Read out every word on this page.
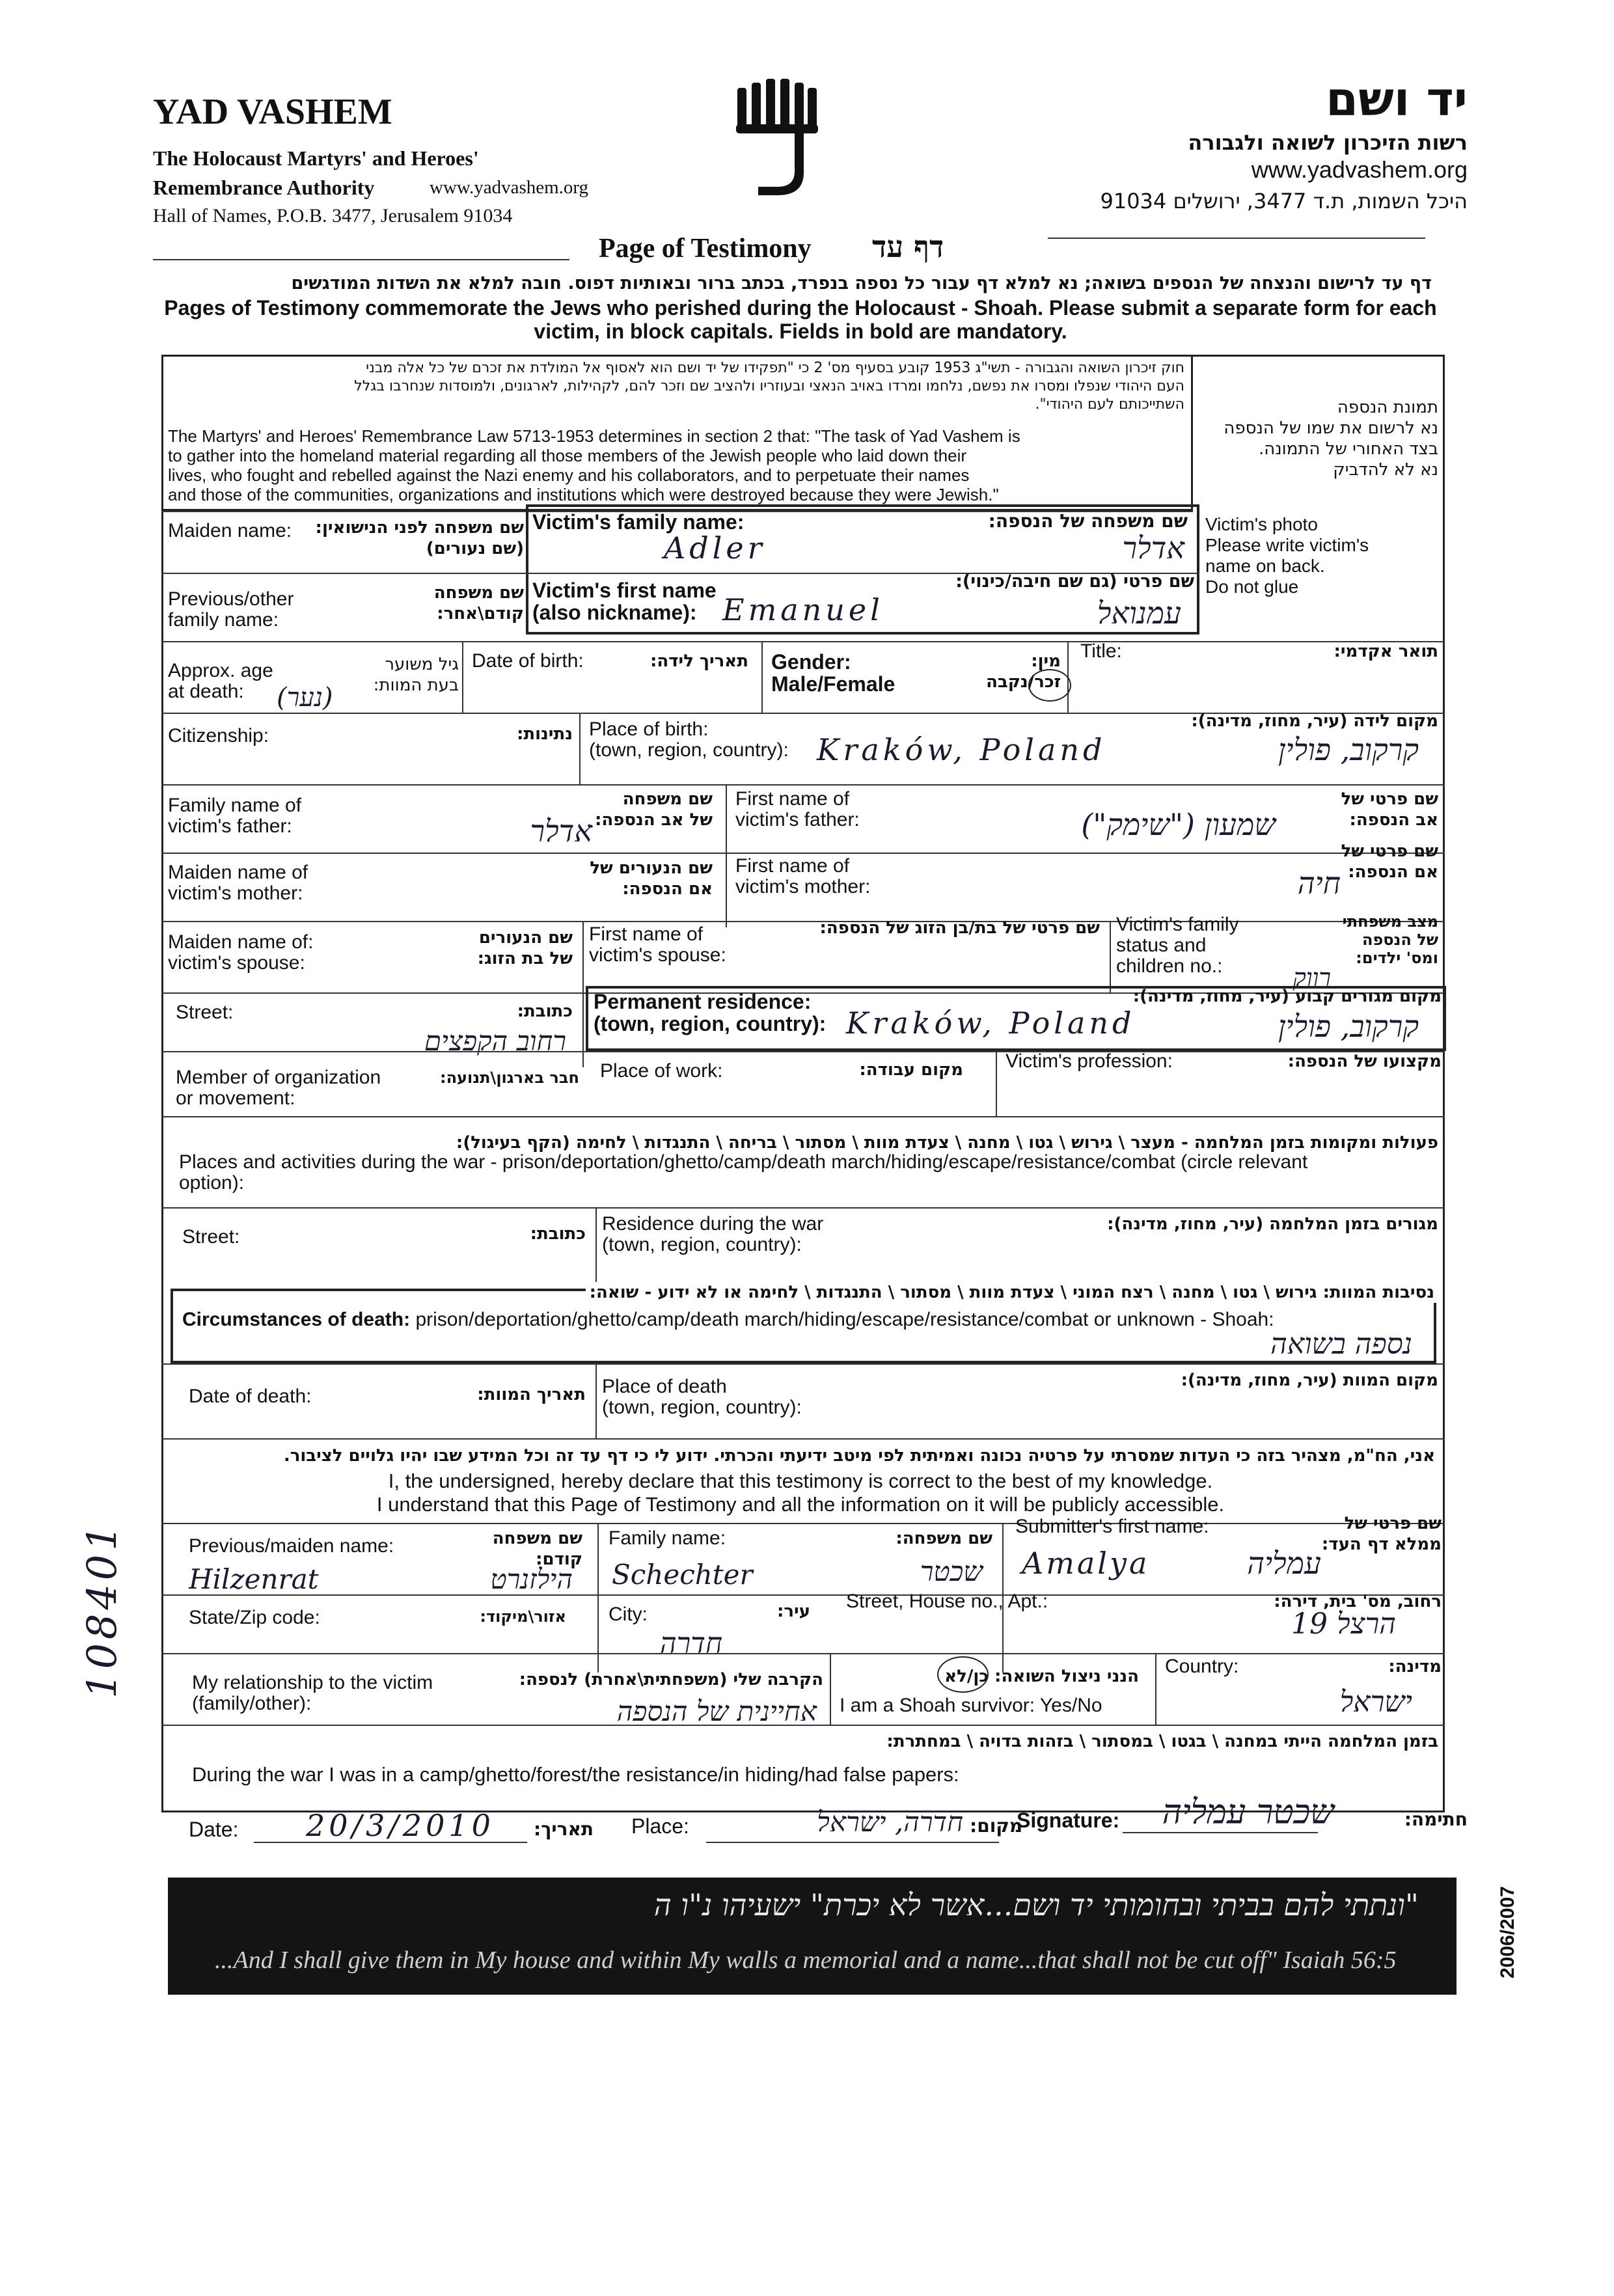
YAD VASHEM
The Holocaust Martyrs' and Heroes'
Remembrance Authority	www.yadvashem.org
Hall of Names, P.O.B. 3477, Jerusalem 91034
יד ושם
רשות הזיכרון לשואה ולגבורה
www.yadvashem.org
היכל השמות, ת.ד 3477, ירושלים 91034
Page of Testimony דף עד
דף עד לרישום והנצחה של הנספים בשואה; נא למלא דף עבור כל נספה בנפרד, בכתב ברור ובאותיות דפוס. חובה למלא את השדות המודגשים
Pages of Testimony commemorate the Jews who perished during the Holocaust - Shoah. Please submit a separate form for each
victim, in block capitals. Fields in bold are mandatory.
חוק זיכרון השואה והגבורה - תשי"ג 1953 קובע בסעיף מס' 2 כי "תפקידו של יד ושם הוא לאסוף אל המולדת את זכרם של כל אלה מבני
העם היהודי שנפלו ומסרו את נפשם, נלחמו ומרדו באויב הנאצי ובעוזריו ולהציב שם וזכר להם, לקהילות, לארגונים, ולמוסדות שנחרבו בגלל
השתייכותם לעם היהודי".
The Martyrs' and Heroes' Remembrance Law 5713-1953 determines in section 2 that: "The task of Yad Vashem is
to gather into the homeland material regarding all those members of the Jewish people who laid down their
lives, who fought and rebelled against the Nazi enemy and his collaborators, and to perpetuate their names
and those of the communities, organizations and institutions which were destroyed because they were Jewish."
תמונת הנספה
נא לרשום את שמו של הנספה
בצד האחורי של התמונה.
נא לא להדביק
Victim's photo
Please write victim's
name on back.
Do not glue
Maiden name: שם משפחה לפני הנישואין:
(שם נעורים)
Victim's family name:	שם משפחה של הנספה:
Adler	אדלר
Previous/other
family name:
שם משפחה
קודם\אחר:
Victim's first name
(also nickname):
שם פרטי (גם שם חיבה/כינוי):
Emanuel	עמנואל
Approx. age
at death:
גיל משוער
בעת המוות:
(נער)
Date of birth:	תאריך לידה: Gender:
Male/Female
מין:
זכר/נקבה
Title:	תואר אקדמי:
Citizenship:	נתינות: Place of birth:
(town, region, country):
מקום לידה (עיר, מחוז, מדינה):
Kraków, Poland	קרקוב, פולין
Family name of
victim's father:
שם משפחה
של אב הנספה:
אדלר
First name of
victim's father:
שם פרטי של
אב הנספה:
שמעון ("שימק")
Maiden name of
victim's mother:
שם הנעורים של
אם הנספה:
First name of
victim's mother:
שם פרטי של
אם הנספה:
חיה
Maiden name of:
victim's spouse:
שם הנעורים
של בת הזוג:
First name of
victim's spouse:
שם פרטי של בת/בן הזוג של הנספה: Victim's family
status and
children no.:
מצב משפחתי
של הנספה
ומס' ילדים:
רווק
Street:	כתובת:
רחוב הקפצים
Permanent residence:
(town, region, country):
מקום מגורים קבוע (עיר, מחוז, מדינה):
Kraków, Poland	קרקוב, פולין
Member of organization
or movement:
חבר בארגון\תנועה: Place of work:	מקום עבודה: Victim's profession:	מקצועו של הנספה:
פעולות ומקומות בזמן המלחמה - מעצר \ גירוש \ גטו \ מחנה \ צעדת מוות \ מסתור \ בריחה \ התנגדות \ לחימה (הקף בעיגול):
Places and activities during the war - prison/deportation/ghetto/camp/death march/hiding/escape/resistance/combat (circle relevant
option):
Street:	כתובת: Residence during the war
(town, region, country):
מגורים בזמן המלחמה (עיר, מחוז, מדינה):
נסיבות המוות: גירוש \ גטו \ מחנה \ רצח המוני \ צעדת מוות \ מסתור \ התנגדות \ לחימה או לא ידוע - שואה:
Circumstances of death: prison/deportation/ghetto/camp/death march/hiding/escape/resistance/combat or unknown - Shoah:
נספה בשואה
Date of death:	תאריך המוות: Place of death
(town, region, country):
מקום המוות (עיר, מחוז, מדינה):
אני, הח"מ, מצהיר בזה כי העדות שמסרתי על פרטיה נכונה ואמיתית לפי מיטב ידיעתי והכרתי. ידוע לי כי דף עד זה וכל המידע שבו יהיו גלויים לציבור.
I, the undersigned, hereby declare that this testimony is correct to the best of my knowledge.
I understand that this Page of Testimony and all the information on it will be publicly accessible.
Previous/maiden name:	שם משפחה
קודם:
Hilzenrat	הילזנרט
Family name:	שם משפחה:
Schechter	שכטר
Submitter's first name:	שם פרטי של
ממלא דף העד:
Amalya	עמליה
State/Zip code:	אזור\מיקוד: City:	עיר:
חדרה
Street, House no., Apt.:	רחוב, מס' בית, דירה:
הרצל 19
My relationship to the victim
(family/other):
הקרבה שלי (משפחתית\אחרת) לנספה:
אחיינית של הנספה
הנני ניצול השואה: כן/לא
I am a Shoah survivor: Yes/No
Country:	מדינה:
ישראל
בזמן המלחמה הייתי במחנה \ בגטו \ במסתור \ בזהות בדויה \ במחתרת:
During the war I was in a camp/ghetto/forest/the resistance/in hiding/had false papers:
Date: 20/3/2010 תאריך: Place:	חדרה, ישראל מקום:
Signature: שכטר עמליה	חתימה:
108401
"ונתתי להם בביתי ובחומותי יד ושם...אשר לא יכרת" ישעיהו נ"ו ה
...And I shall give them in My house and within My walls a memorial and a name...that shall not be cut off" Isaiah 56:5	2006/2007
